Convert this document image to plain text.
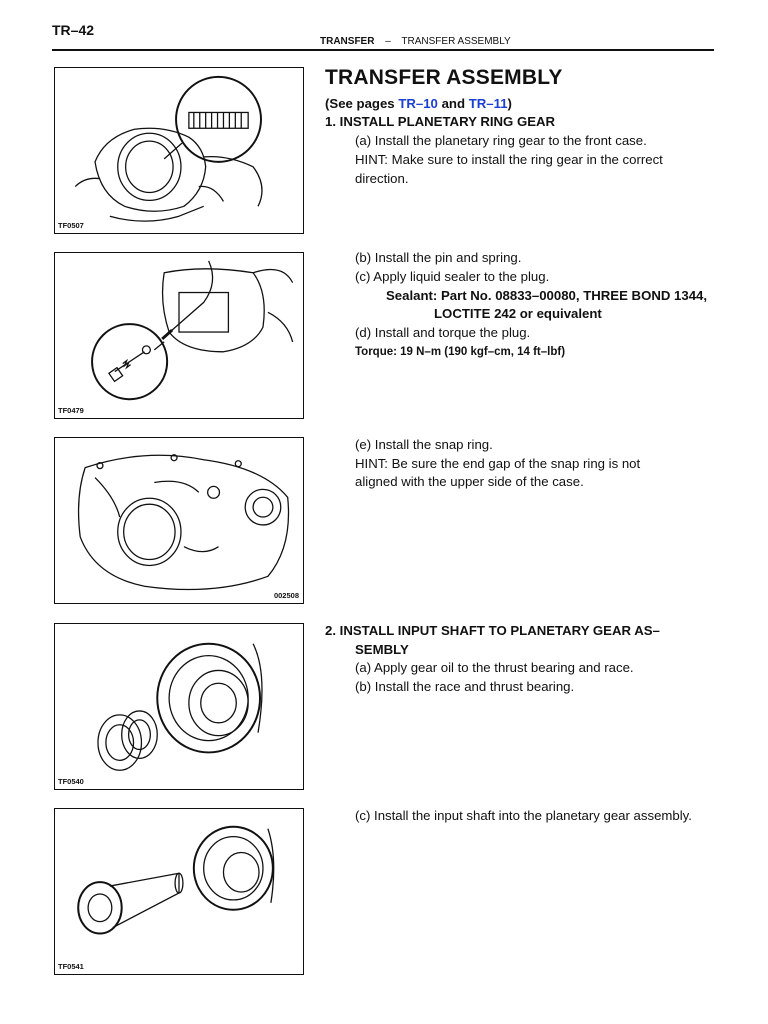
TR–42
TRANSFER – TRANSFER ASSEMBLY
TF0507
TF0479
002508
TF0540
TF0541
TRANSFER ASSEMBLY
(See pages TR–10 and TR–11)
1. INSTALL PLANETARY RING GEAR
(a) Install the planetary ring gear to the front case.
HINT: Make sure to install the ring gear in the correct
direction.
(b) Install the pin and spring.
(c) Apply liquid sealer to the plug.
Sealant: Part No. 08833–00080, THREE BOND 1344,
LOCTITE 242 or equivalent
(d) Install and torque the plug.
Torque: 19 N–m (190 kgf–cm, 14 ft–lbf)
(e) Install the snap ring.
HINT: Be sure the end gap of the snap ring is not
aligned with the upper side of the case.
2. INSTALL INPUT SHAFT TO PLANETARY GEAR AS–
SEMBLY
(a) Apply gear oil to the thrust bearing and race.
(b) Install the race and thrust bearing.
(c) Install the input shaft into the planetary gear assembly.
